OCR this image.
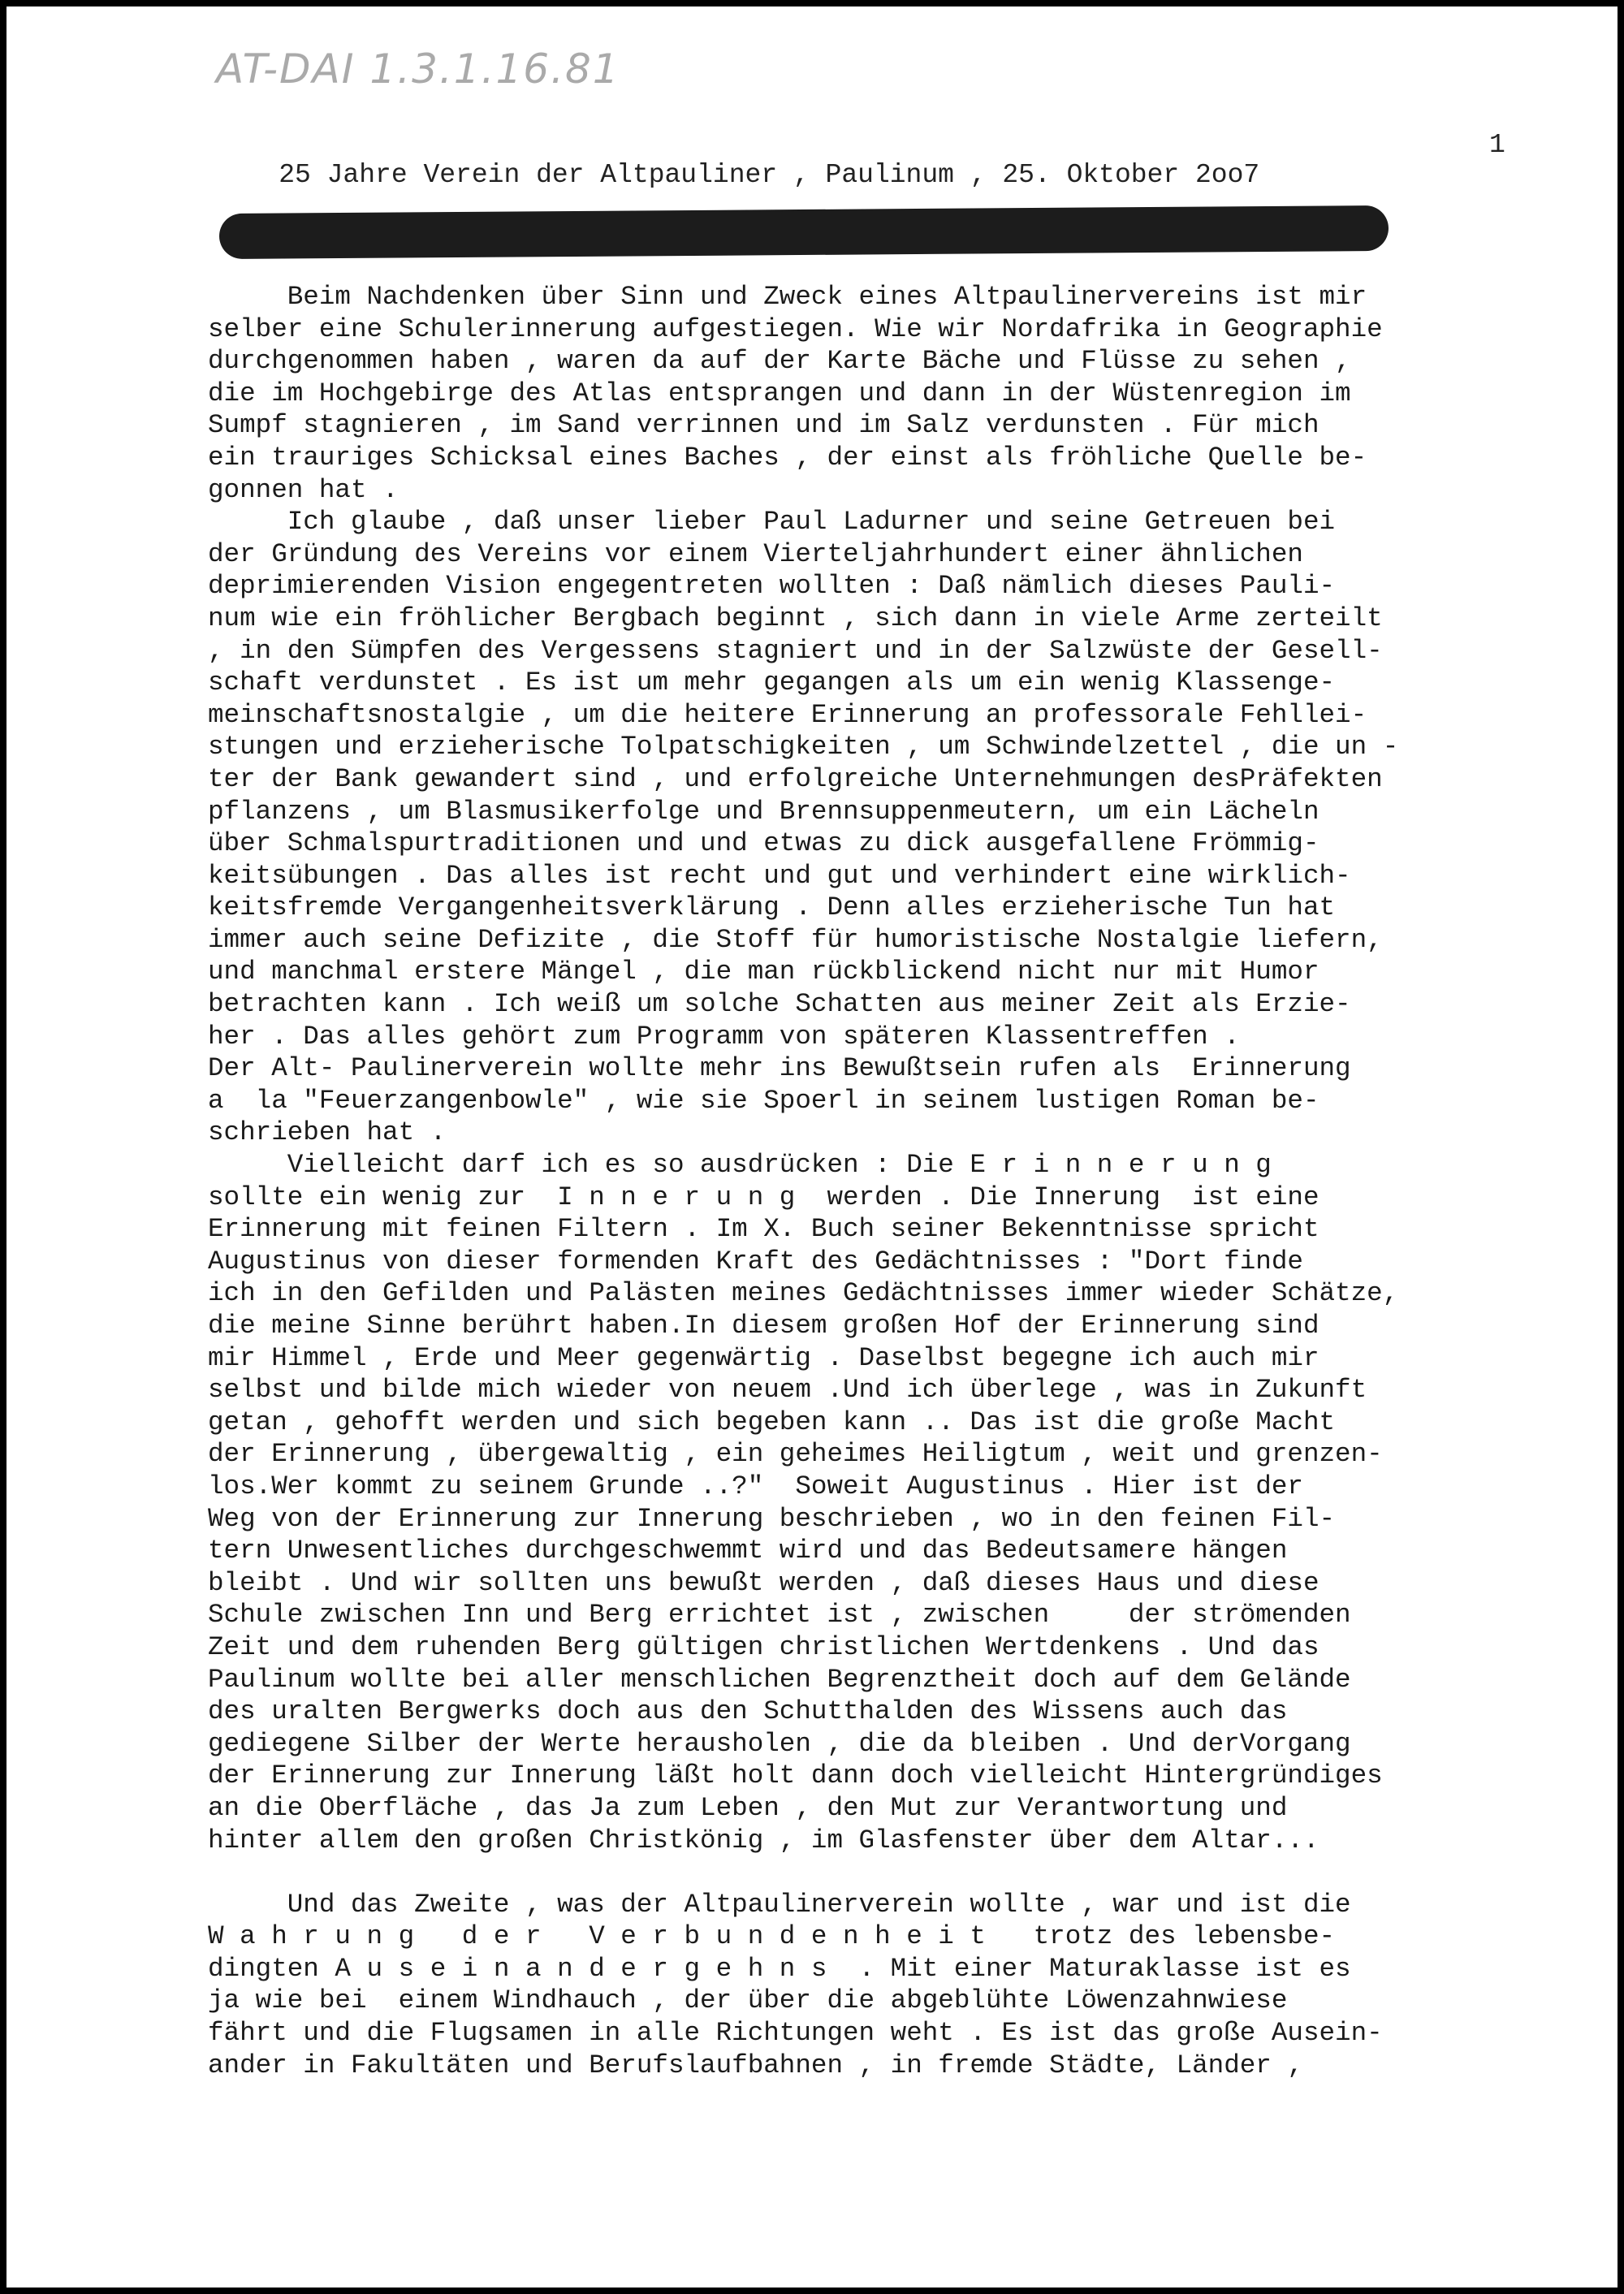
AT-DAI 1.3.1.16.81

25 Jahre Verein der Altpauliner , Paulinum , 25. Oktober 2oo7

1

Beim Nachdenken über Sinn und Zweck eines Altpaulinervereins ist mir
selber eine Schulerinnerung aufgestiegen. Wie wir Nordafrika in Geographie
durchgenommen haben , waren da auf der Karte Bäche und Flüsse zu sehen ,
die im Hochgebirge des Atlas entsprangen und dann in der Wüstenregion im
Sumpf stagnieren , im Sand verrinnen und im Salz verdunsten . Für mich
ein trauriges Schicksal eines Baches , der einst als fröhliche Quelle be-
gonnen hat .
Ich glaube , daß unser lieber Paul Ladurner und seine Getreuen bei
der Gründung des Vereins vor einem Vierteljahrhundert einer ähnlichen
deprimierenden Vision engegentreten wollten : Daß nämlich dieses Pauli-
num wie ein fröhlicher Bergbach beginnt , sich dann in viele Arme zerteilt
, in den Sümpfen des Vergessens stagniert und in der Salzwüste der Gesell-
schaft verdunstet . Es ist um mehr gegangen als um ein wenig Klassenge-
meinschaftsnostalgie , um die heitere Erinnerung an professorale Fehllei-
stungen und erzieherische Tolpatschigkeiten , um Schwindelzettel , die un -
ter der Bank gewandert sind , und erfolgreiche Unternehmungen desPräfekten
pflanzens , um Blasmusikerfolge und Brennsuppenmeutern, um ein Lächeln
über Schmalspurtraditionen und und etwas zu dick ausgefallene Frömmig-
keitsübungen . Das alles ist recht und gut und verhindert eine wirklich-
keitsfremde Vergangenheitsverklärung . Denn alles erzieherische Tun hat
immer auch seine Defizite , die Stoff für humoristische Nostalgie liefern,
und manchmal erstere Mängel , die man rückblickend nicht nur mit Humor
betrachten kann . Ich weiß um solche Schatten aus meiner Zeit als Erzie-
her . Das alles gehört zum Programm von späteren Klassentreffen .
Der Alt- Paulinerverein wollte mehr ins Bewußtsein rufen als  Erinnerung
a  la "Feuerzangenbowle" , wie sie Spoerl in seinem lustigen Roman be-
schrieben hat .
Vielleicht darf ich es so ausdrücken : Die E r i n n e r u n g
sollte ein wenig zur  I n n e r u n g  werden . Die Innerung  ist eine
Erinnerung mit feinen Filtern . Im X. Buch seiner Bekenntnisse spricht
Augustinus von dieser formenden Kraft des Gedächtnisses : "Dort finde
ich in den Gefilden und Palästen meines Gedächtnisses immer wieder Schätze,
die meine Sinne berührt haben.In diesem großen Hof der Erinnerung sind
mir Himmel , Erde und Meer gegenwärtig . Daselbst begegne ich auch mir
selbst und bilde mich wieder von neuem .Und ich überlege , was in Zukunft
getan , gehofft werden und sich begeben kann .. Das ist die große Macht
der Erinnerung , übergewaltig , ein geheimes Heiligtum , weit und grenzen-
los.Wer kommt zu seinem Grunde ..?"  Soweit Augustinus . Hier ist der
Weg von der Erinnerung zur Innerung beschrieben , wo in den feinen Fil-
tern Unwesentliches durchgeschwemmt wird und das Bedeutsamere hängen
bleibt . Und wir sollten uns bewußt werden , daß dieses Haus und diese
Schule zwischen Inn und Berg errichtet ist , zwischen     der strömenden
Zeit und dem ruhenden Berg gültigen christlichen Wertdenkens . Und das
Paulinum wollte bei aller menschlichen Begrenztheit doch auf dem Gelände
des uralten Bergwerks doch aus den Schutthalden des Wissens auch das
gediegene Silber der Werte herausholen , die da bleiben . Und derVorgang
der Erinnerung zur Innerung läßt holt dann doch vielleicht Hintergründiges
an die Oberfläche , das Ja zum Leben , den Mut zur Verantwortung und
hinter allem den großen Christkönig , im Glasfenster über dem Altar...
Und das Zweite , was der Altpaulinerverein wollte , war und ist die
W a h r u n g   d e r   V e r b u n d e n h e i t   trotz des lebensbe-
dingten A u s e i n a n d e r g e h n s  . Mit einer Maturaklasse ist es
ja wie bei  einem Windhauch , der über die abgeblühte Löwenzahnwiese
fährt und die Flugsamen in alle Richtungen weht . Es ist das große Ausein-
ander in Fakultäten und Berufslaufbahnen , in fremde Städte, Länder ,
